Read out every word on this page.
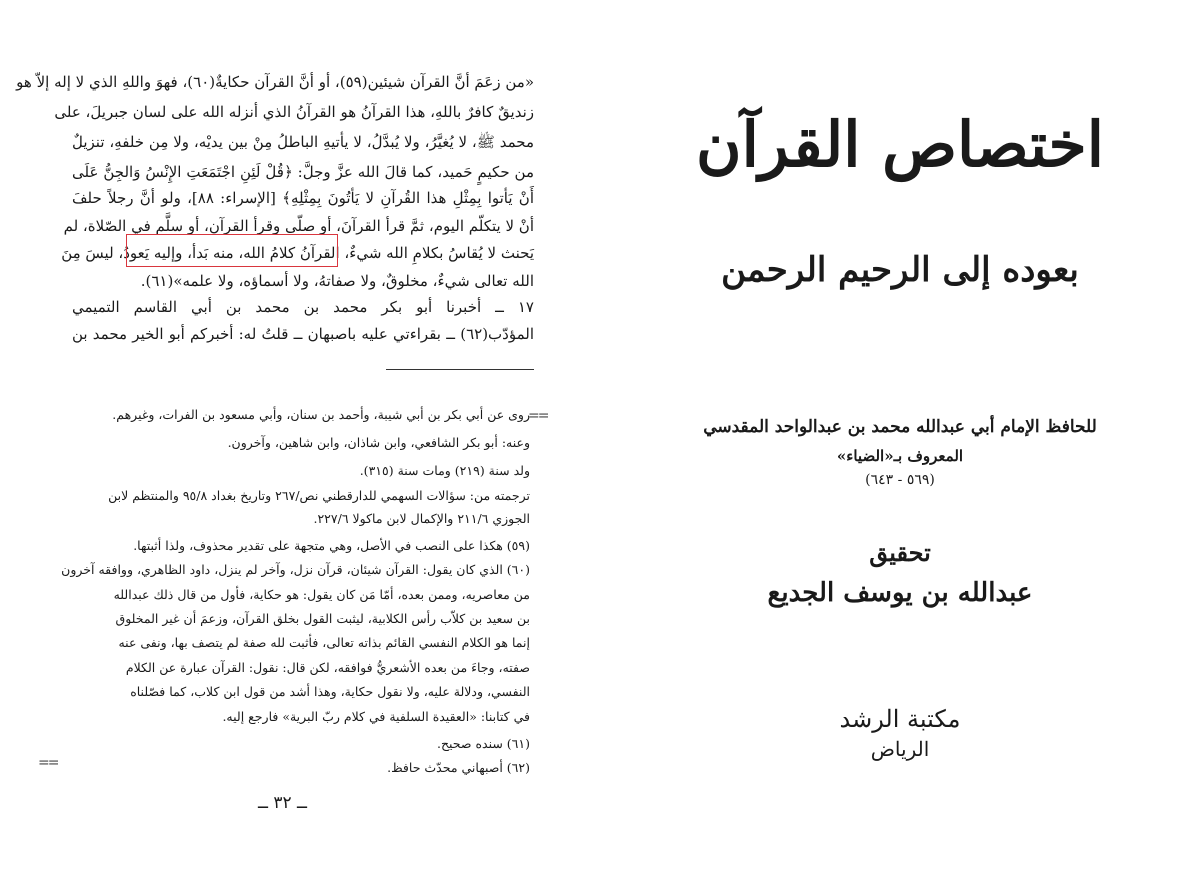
«من زعَمَ أنَّ القرآن شيئين(٥٩)، أو أنَّ القرآن حكايةٌ(٦٠)، فهوَ واللهِ الذي لا إله إلاّ هو
زنديقٌ كافرٌ باللهِ، هذا القرآنُ هو القرآنُ الذي أنزله الله على لسان جبريلَ، على
محمد ﷺ، لا يُغيَّرُ، ولا يُبدَّلُ، لا يأتيهِ الباطلُ مِنْ بين يديْه، ولا مِن خلفهِ، تنزيلٌ
من حكيمٍ حَميد، كما قالَ الله عزَّ وجلَّ: ﴿قُلْ لَئِنِ اجْتَمَعَتِ الإِنْسُ وَالجِنُّ عَلَى
أَنْ يَأتوا بِمِثْلِ هذا القُرآنِ لا يَأتُونَ بِمِثْلِهِ﴾ [الإسراء: ٨٨]، ولو أنَّ رجلاً حلفَ
أنْ لا يتكلّم اليوم، ثمَّ قرأ القرآنَ، أو صلّى وقرأ القرآن، أو سلَّم في الصّلاة، لم
يَحنث لا يُقاسُ بكلامِ الله شيءٌ، القرآنُ كلامُ الله، منه بَدأ، وإليه يَعودُ، ليسَ مِنَ
الله تعالى شيءٌ، مخلوقٌ، ولا صفاتهُ، ولا أسماؤه، ولا علمه»(٦١).
١٧ ــ أخبرنا أبو بكر محمد بن محمد بن أبي القاسم التميمي
المؤدّب(٦٢) ــ بقراءتي عليه باصبهان ــ قلتُ له: أخبركم أبو الخير محمد بن
روى عن أبي بكر بن أبي شيبة، وأحمد بن سنان، وأبي مسعود بن الفرات، وغيرهم.
وعنه: أبو بكر الشافعي، وابن شاذان، وابن شاهين، وآخرون.
ولد سنة (٢١٩) ومات سنة (٣١٥).
ترجمته من: سؤالات السهمي للدارقطني نص/٢٦٧ وتاريخ بغداد ٩٥/٨ والمنتظم لابن
الجوزي ٢١١/٦ والإكمال لابن ماكولا ٢٢٧/٦.
(٥٩) هكذا على النصب في الأصل، وهي متجهة على تقدير محذوف، ولذا أثبتها.
(٦٠) الذي كان يقول: القرآن شيئان، قرآن نزل، وآخر لم ينزل، داود الظاهري، ووافقه آخرون
من معاصريه، وممن بعده، أمّا مَن كان يقول: هو حكاية، فأول من قال ذلك عبدالله
بن سعيد بن كلاّب رأس الكلابية، ليثبت القول بخلق القرآن، وزعمَ أن غير المخلوق
إنما هو الكلام النفسي القائم بذاته تعالى، فأثبت لله صفة لم يتصف بها، ونفى عنه
صفته، وجاءَ من بعده الأشعريُّ فوافقه، لكن قال: نقول: القرآن عبارة عن الكلام
النفسي، ودلالة عليه، ولا نقول حكاية، وهذا أشد من قول ابن كلاب، كما فصّلناه
في كتابنا: «العقيدة السلفية في كلام ربّ البرية» فارجع إليه.
(٦١) سنده صحيح.
(٦٢) أصبهاني محدّث حافظ.
==
==
ــ ٣٢ ــ
اختصاص القرآن
بعوده إلى الرحيم الرحمن
للحافظ الإمام أبي عبدالله محمد بن عبدالواحد المقدسي
المعروف بـ«الضياء»
(٥٦٩ - ٦٤٣)
تحقيق
عبدالله بن يوسف الجديع
مكتبة الرشد
الرياض
